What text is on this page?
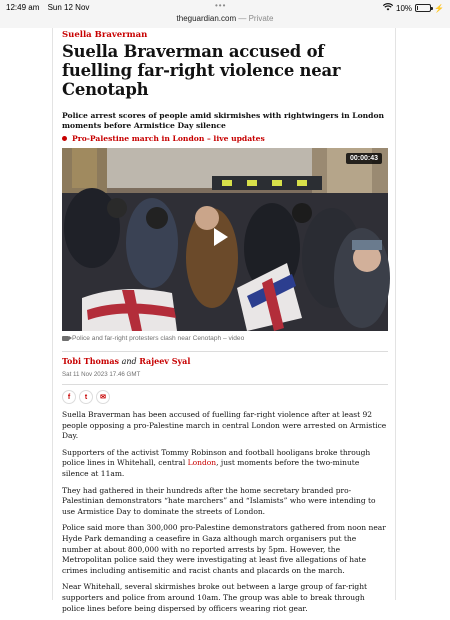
12:49 am Sun 12 Nov	•••	10%	⚡
theguardian.com — Private
Suella Braverman
Suella Braverman accused of fuelling far-right violence near Cenotaph
Police arrest scores of people amid skirmishes with rightwingers in London moments before Armistice Day silence
Pro-Palestine march in London – live updates
00:00:43
Police and far-right protesters clash near Cenotaph – video
Tobi Thomas and Rajeev Syal
Sat 11 Nov 2023 17.46 GMT
f t ✉

Suella Braverman has been accused of fuelling far-right violence after at least 92 people opposing a pro-Palestine march in central London were arrested on Armistice Day.

Supporters of the activist Tommy Robinson and football hooligans broke through police lines in Whitehall, central London, just moments before the two-minute silence at 11am.

They had gathered in their hundreds after the home secretary branded pro-Palestinian demonstrators “hate marchers” and “Islamists” who were intending to use Armistice Day to dominate the streets of London.

Police said more than 300,000 pro-Palestine demonstrators gathered from noon near Hyde Park demanding a ceasefire in Gaza although march organisers put the number at about 800,000 with no reported arrests by 5pm. However, the Metropolitan police said they were investigating at least five allegations of hate crimes including antisemitic and racist chants and placards on the march.

Near Whitehall, several skirmishes broke out between a large group of far-right supporters and police from around 10am. The group was able to break through police lines before being dispersed by officers wearing riot gear.
